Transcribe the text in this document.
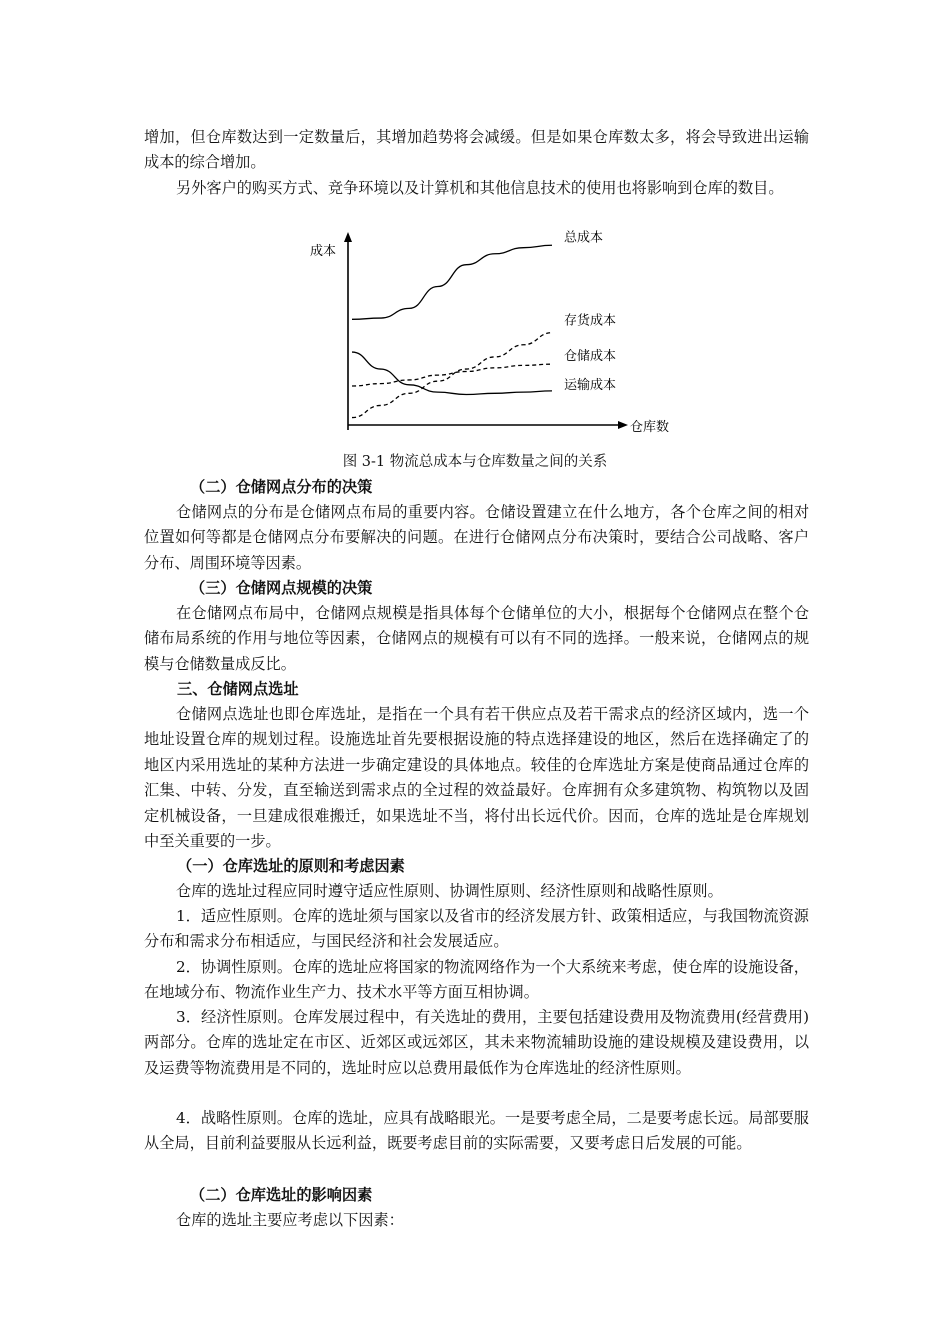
增加，但仓库数达到一定数量后，其增加趋势将会减缓。但是如果仓库数太多，将会导致进出运输成本的综合增加。

另外客户的购买方式、竞争环境以及计算机和其他信息技术的使用也将影响到仓库的数目。

成本
仓库数
总成本
存货成本
仓储成本
运输成本

图 3-1 物流总成本与仓库数量之间的关系

（二）仓储网点分布的决策

仓储网点的分布是仓储网点布局的重要内容。仓储设置建立在什么地方，各个仓库之间的相对位置如何等都是仓储网点分布要解决的问题。在进行仓储网点分布决策时，要结合公司战略、客户分布、周围环境等因素。

（三）仓储网点规模的决策

在仓储网点布局中，仓储网点规模是指具体每个仓储单位的大小，根据每个仓储网点在整个仓储布局系统的作用与地位等因素，仓储网点的规模有可以有不同的选择。一般来说，仓储网点的规模与仓储数量成反比。

三、仓储网点选址

仓储网点选址也即仓库选址，是指在一个具有若干供应点及若干需求点的经济区域内，选一个地址设置仓库的规划过程。设施选址首先要根据设施的特点选择建设的地区，然后在选择确定了的地区内采用选址的某种方法进一步确定建设的具体地点。较佳的仓库选址方案是使商品通过仓库的汇集、中转、分发，直至输送到需求点的全过程的效益最好。仓库拥有众多建筑物、构筑物以及固定机械设备，一旦建成很难搬迁，如果选址不当，将付出长远代价。因而，仓库的选址是仓库规划中至关重要的一步。

（一）仓库选址的原则和考虑因素

仓库的选址过程应同时遵守适应性原则、协调性原则、经济性原则和战略性原则。

1．适应性原则。仓库的选址须与国家以及省市的经济发展方针、政策相适应，与我国物流资源分布和需求分布相适应，与国民经济和社会发展适应。

2．协调性原则。仓库的选址应将国家的物流网络作为一个大系统来考虑，使仓库的设施设备，在地域分布、物流作业生产力、技术水平等方面互相协调。

3．经济性原则。仓库发展过程中，有关选址的费用，主要包括建设费用及物流费用(经营费用)两部分。仓库的选址定在市区、近郊区或远郊区，其未来物流辅助设施的建设规模及建设费用，以及运费等物流费用是不同的，选址时应以总费用最低作为仓库选址的经济性原则。

4．战略性原则。仓库的选址，应具有战略眼光。一是要考虑全局，二是要考虑长远。局部要服从全局，目前利益要服从长远利益，既要考虑目前的实际需要，又要考虑日后发展的可能。

（二）仓库选址的影响因素

仓库的选址主要应考虑以下因素：
